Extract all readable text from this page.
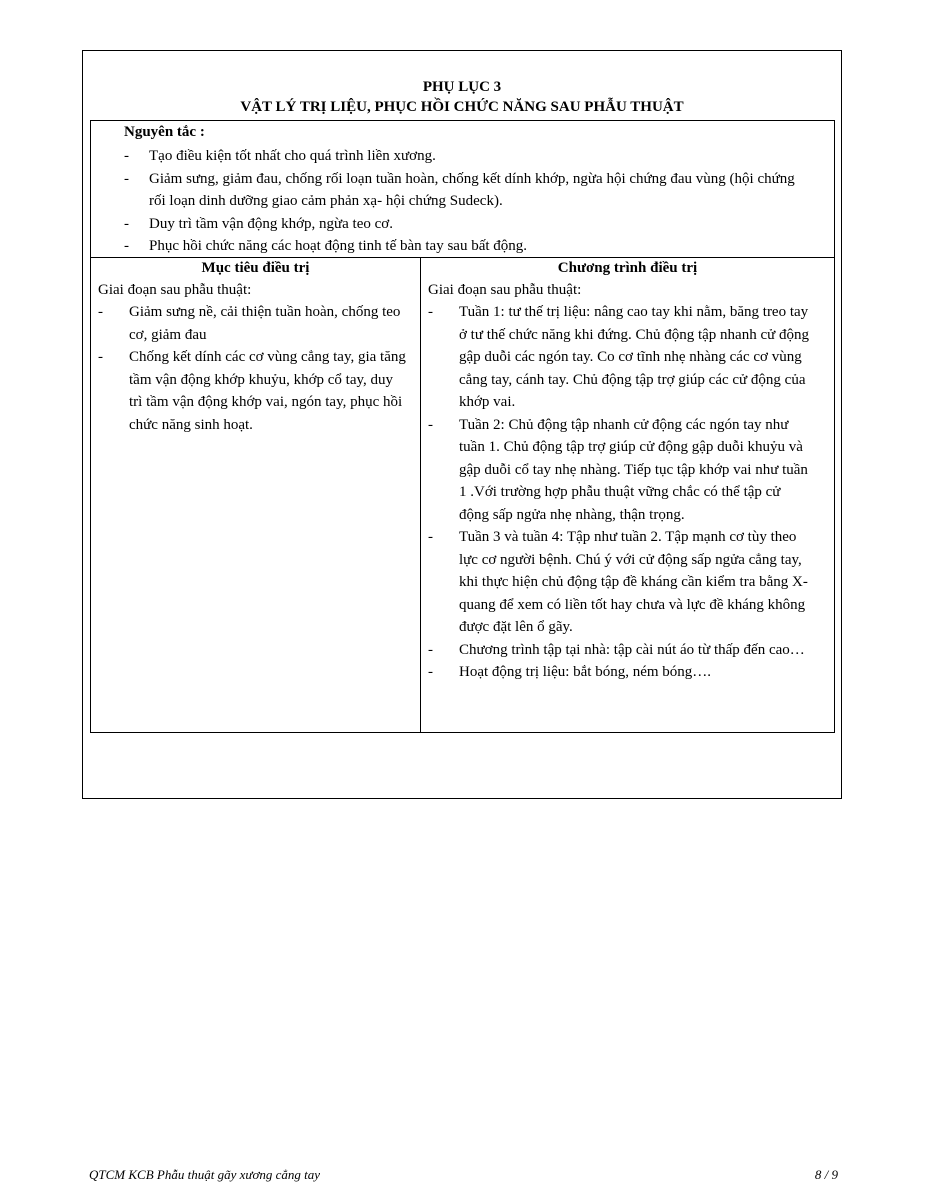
PHỤ LỤC 3
VẬT LÝ TRỊ LIỆU, PHỤC HỒI CHỨC NĂNG SAU PHẪU THUẬT
Nguyên tắc :
- Tạo điều kiện tốt nhất cho quá trình liền xương.
- Giảm sưng, giảm đau, chống rối loạn tuần hoàn, chống kết dính khớp, ngừa hội chứng đau vùng (hội chứng rối loạn dinh dưỡng giao cảm phản xạ- hội chứng Sudeck).
- Duy trì tầm vận động khớp, ngừa teo cơ.
- Phục hồi chức năng các hoạt động tinh tế bàn tay sau bất động.
Mục tiêu điều trị
Giai đoạn sau phẫu thuật:
- Giảm sưng nề, cải thiện tuần hoàn, chống teo cơ, giảm đau
- Chống kết dính các cơ vùng cẳng tay, gia tăng tầm vận động khớp khuỷu, khớp cổ tay, duy trì tầm vận động khớp vai, ngón tay, phục hồi chức năng sinh hoạt.
Chương trình điều trị
Giai đoạn sau phẫu thuật:
- Tuần 1: tư thế trị liệu: nâng cao tay khi nằm, băng treo tay ở tư thế chức năng khi đứng. Chủ động tập nhanh cử động gập duỗi các ngón tay. Co cơ tĩnh nhẹ nhàng các cơ vùng cẳng tay, cánh tay. Chủ động tập trợ giúp các cử động của khớp vai.
- Tuần 2: Chủ động tập nhanh cử động các ngón tay như tuần 1. Chủ động tập trợ giúp cử động gập duỗi khuỷu và gập duỗi cổ tay nhẹ nhàng. Tiếp tục tập khớp vai như tuần 1 .Với trường hợp phẫu thuật vững chắc có thể tập cử động sấp ngửa nhẹ nhàng, thận trọng.
- Tuần 3 và tuần 4: Tập như tuần 2. Tập mạnh cơ tùy theo lực cơ người bệnh. Chú ý với cử động sấp ngửa cẳng tay, khi thực hiện chủ động tập đề kháng cần kiểm tra bằng X-quang để xem có liền tốt hay chưa và lực đề kháng không được đặt lên ổ gãy.
- Chương trình tập tại nhà: tập cài nút áo từ thấp đến cao…
- Hoạt động trị liệu: bắt bóng, ném bóng….
QTCM KCB Phẫu thuật gãy xương cẳng tay	8 / 9
